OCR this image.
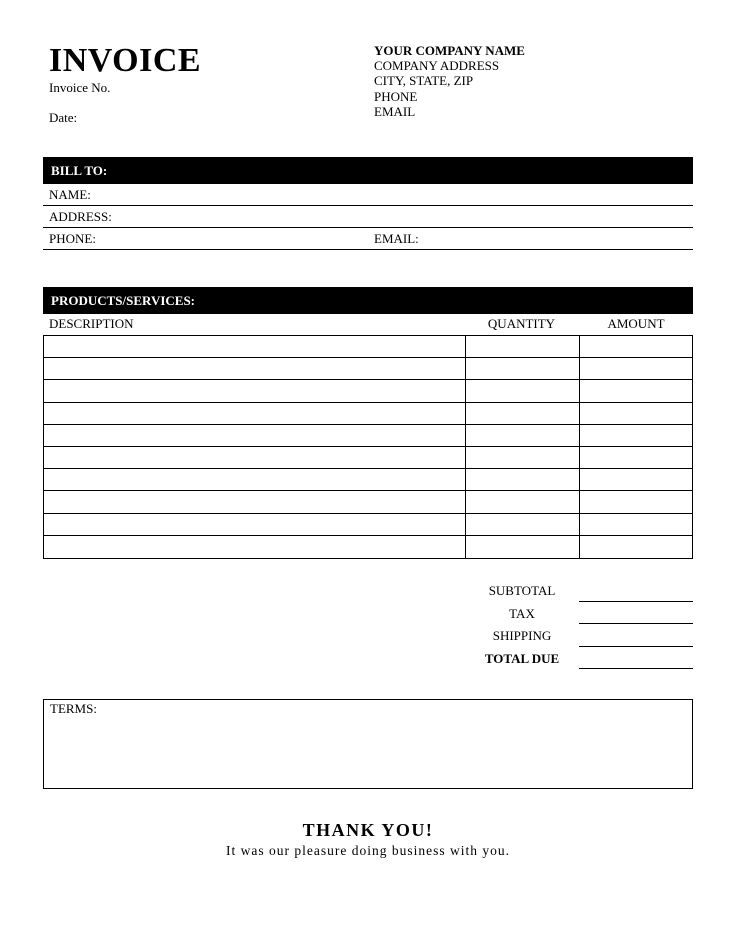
INVOICE
Invoice No.
Date:
YOUR COMPANY NAME
COMPANY ADDRESS
CITY, STATE, ZIP
PHONE
EMAIL
BILL TO:
NAME:
ADDRESS:
PHONE:	EMAIL:
PRODUCTS/SERVICES:
DESCRIPTION	QUANTITY	AMOUNT
SUBTOTAL
TAX
SHIPPING
TOTAL DUE
TERMS:
THANK YOU!
It was our pleasure doing business with you.
